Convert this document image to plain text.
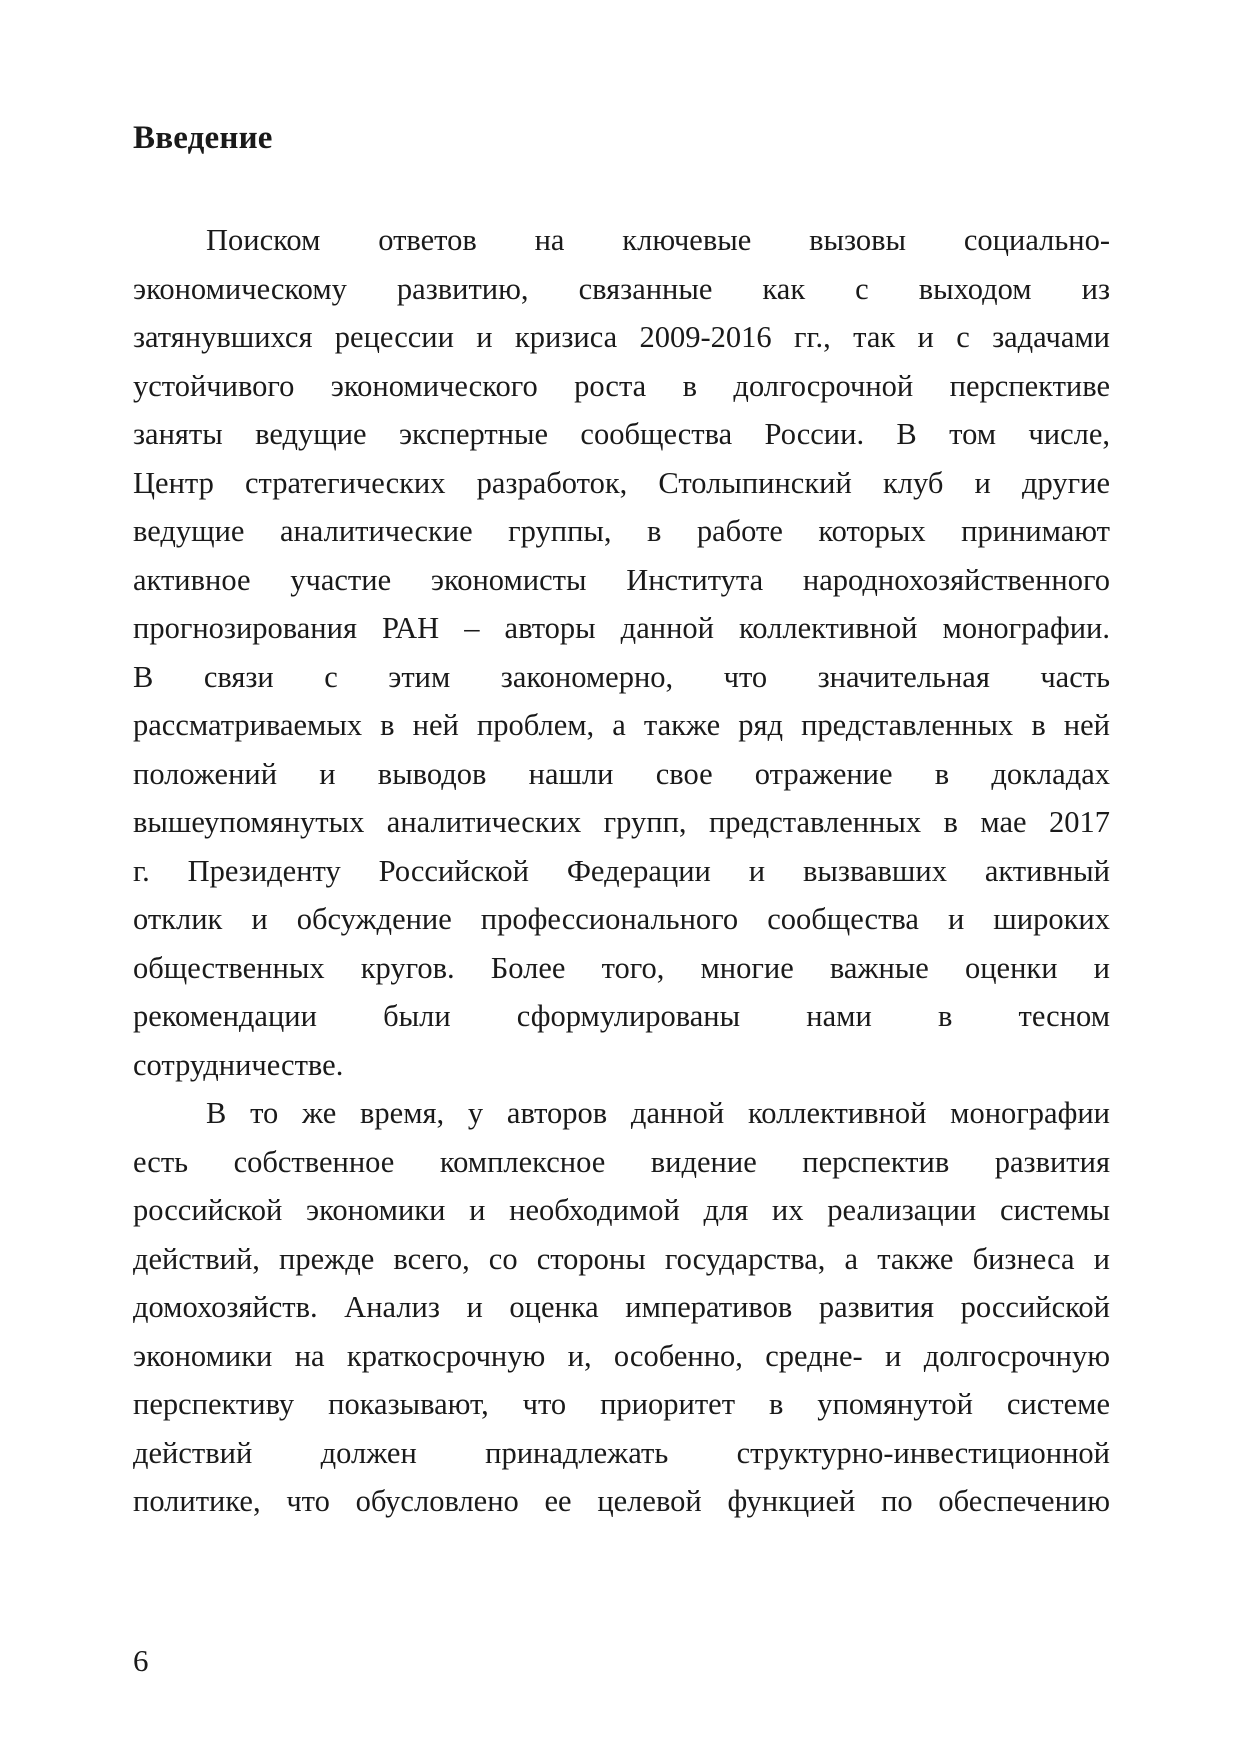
Введение
Поиском ответов на ключевые вызовы социально-
экономическому развитию, связанные как с выходом из
затянувшихся рецессии и кризиса 2009-2016 гг., так и с задачами
устойчивого экономического роста в долгосрочной перспективе
заняты ведущие экспертные сообщества России. В том числе,
Центр стратегических разработок, Столыпинский клуб и другие
ведущие аналитические группы, в работе которых принимают
активное участие экономисты Института народнохозяйственного
прогнозирования РАН – авторы данной коллективной монографии.
В связи с этим закономерно, что значительная часть
рассматриваемых в ней проблем, а также ряд представленных в ней
положений и выводов нашли свое отражение в докладах
вышеупомянутых аналитических групп, представленных в мае 2017
г. Президенту Российской Федерации и вызвавших активный
отклик и обсуждение профессионального сообщества и широких
общественных кругов. Более того, многие важные оценки и
рекомендации были сформулированы нами в тесном
сотрудничестве.
В то же время, у авторов данной коллективной монографии
есть собственное комплексное видение перспектив развития
российской экономики и необходимой для их реализации системы
действий, прежде всего, со стороны государства, а также бизнеса и
домохозяйств. Анализ и оценка императивов развития российской
экономики на краткосрочную и, особенно, средне- и долгосрочную
перспективу показывают, что приоритет в упомянутой системе
действий должен принадлежать структурно-инвестиционной
политике, что обусловлено ее целевой функцией по обеспечению
6
